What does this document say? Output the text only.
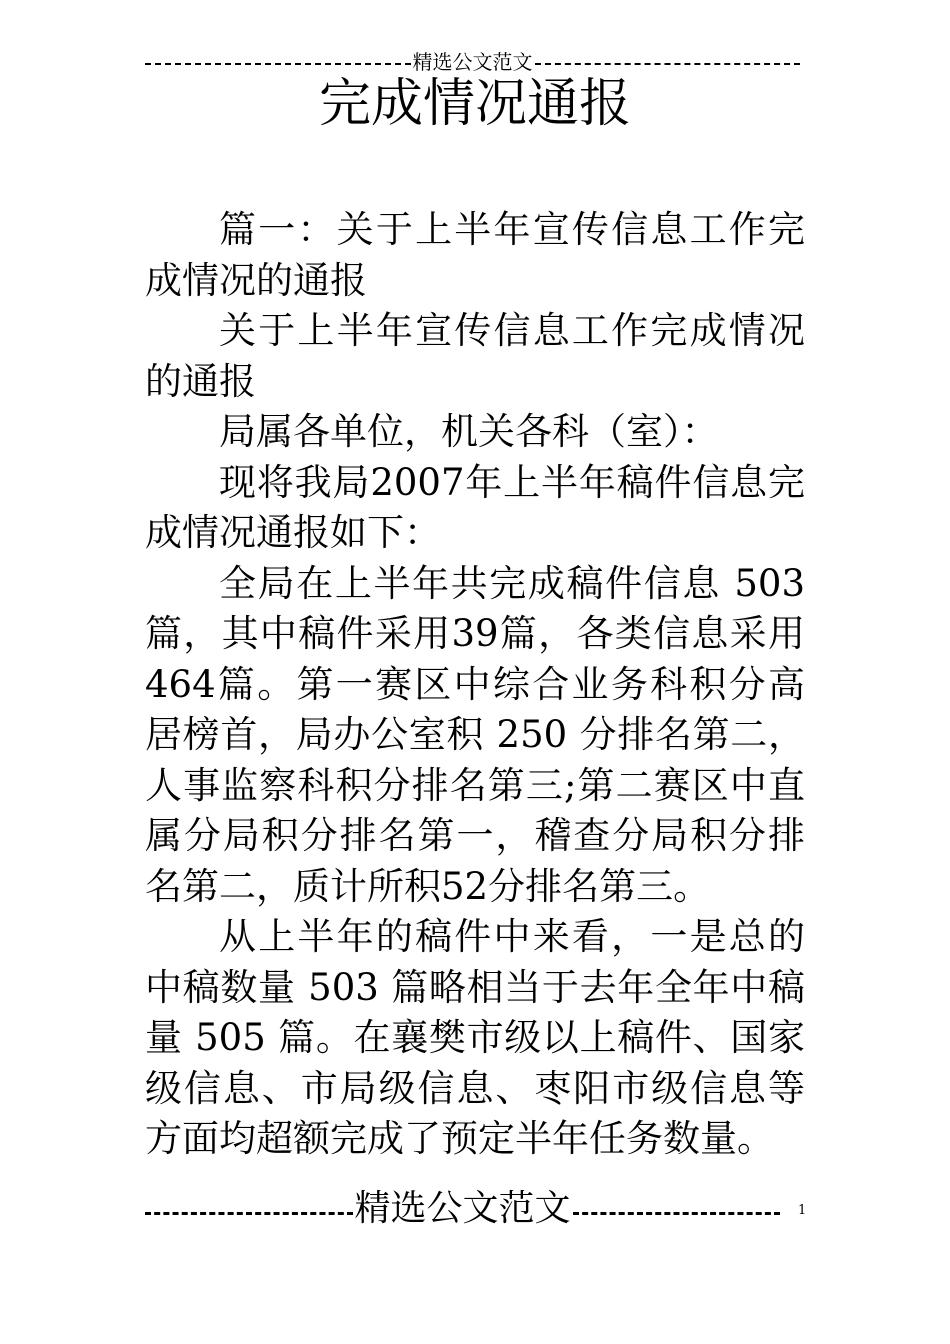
精选公文范文
完成情况通报

篇一：关于上半年宣传信息工作完成情况的通报

关于上半年宣传信息工作完成情况的通报

局属各单位，机关各科（室）：

现将我局2007年上半年稿件信息完成情况通报如下：

全局在上半年共完成稿件信息 503篇，其中稿件采用39篇，各类信息采用464篇。第一赛区中综合业务科积分高居榜首，局办公室积 250 分排名第二，人事监察科积分排名第三;第二赛区中直属分局积分排名第一，稽查分局积分排名第二，质计所积52分排名第三。

从上半年的稿件中来看，一是总的中稿数量 503 篇略相当于去年全年中稿量 505 篇。在襄樊市级以上稿件、国家级信息、市局级信息、枣阳市级信息等方面均超额完成了预定半年任务数量。

精选公文范文	1
